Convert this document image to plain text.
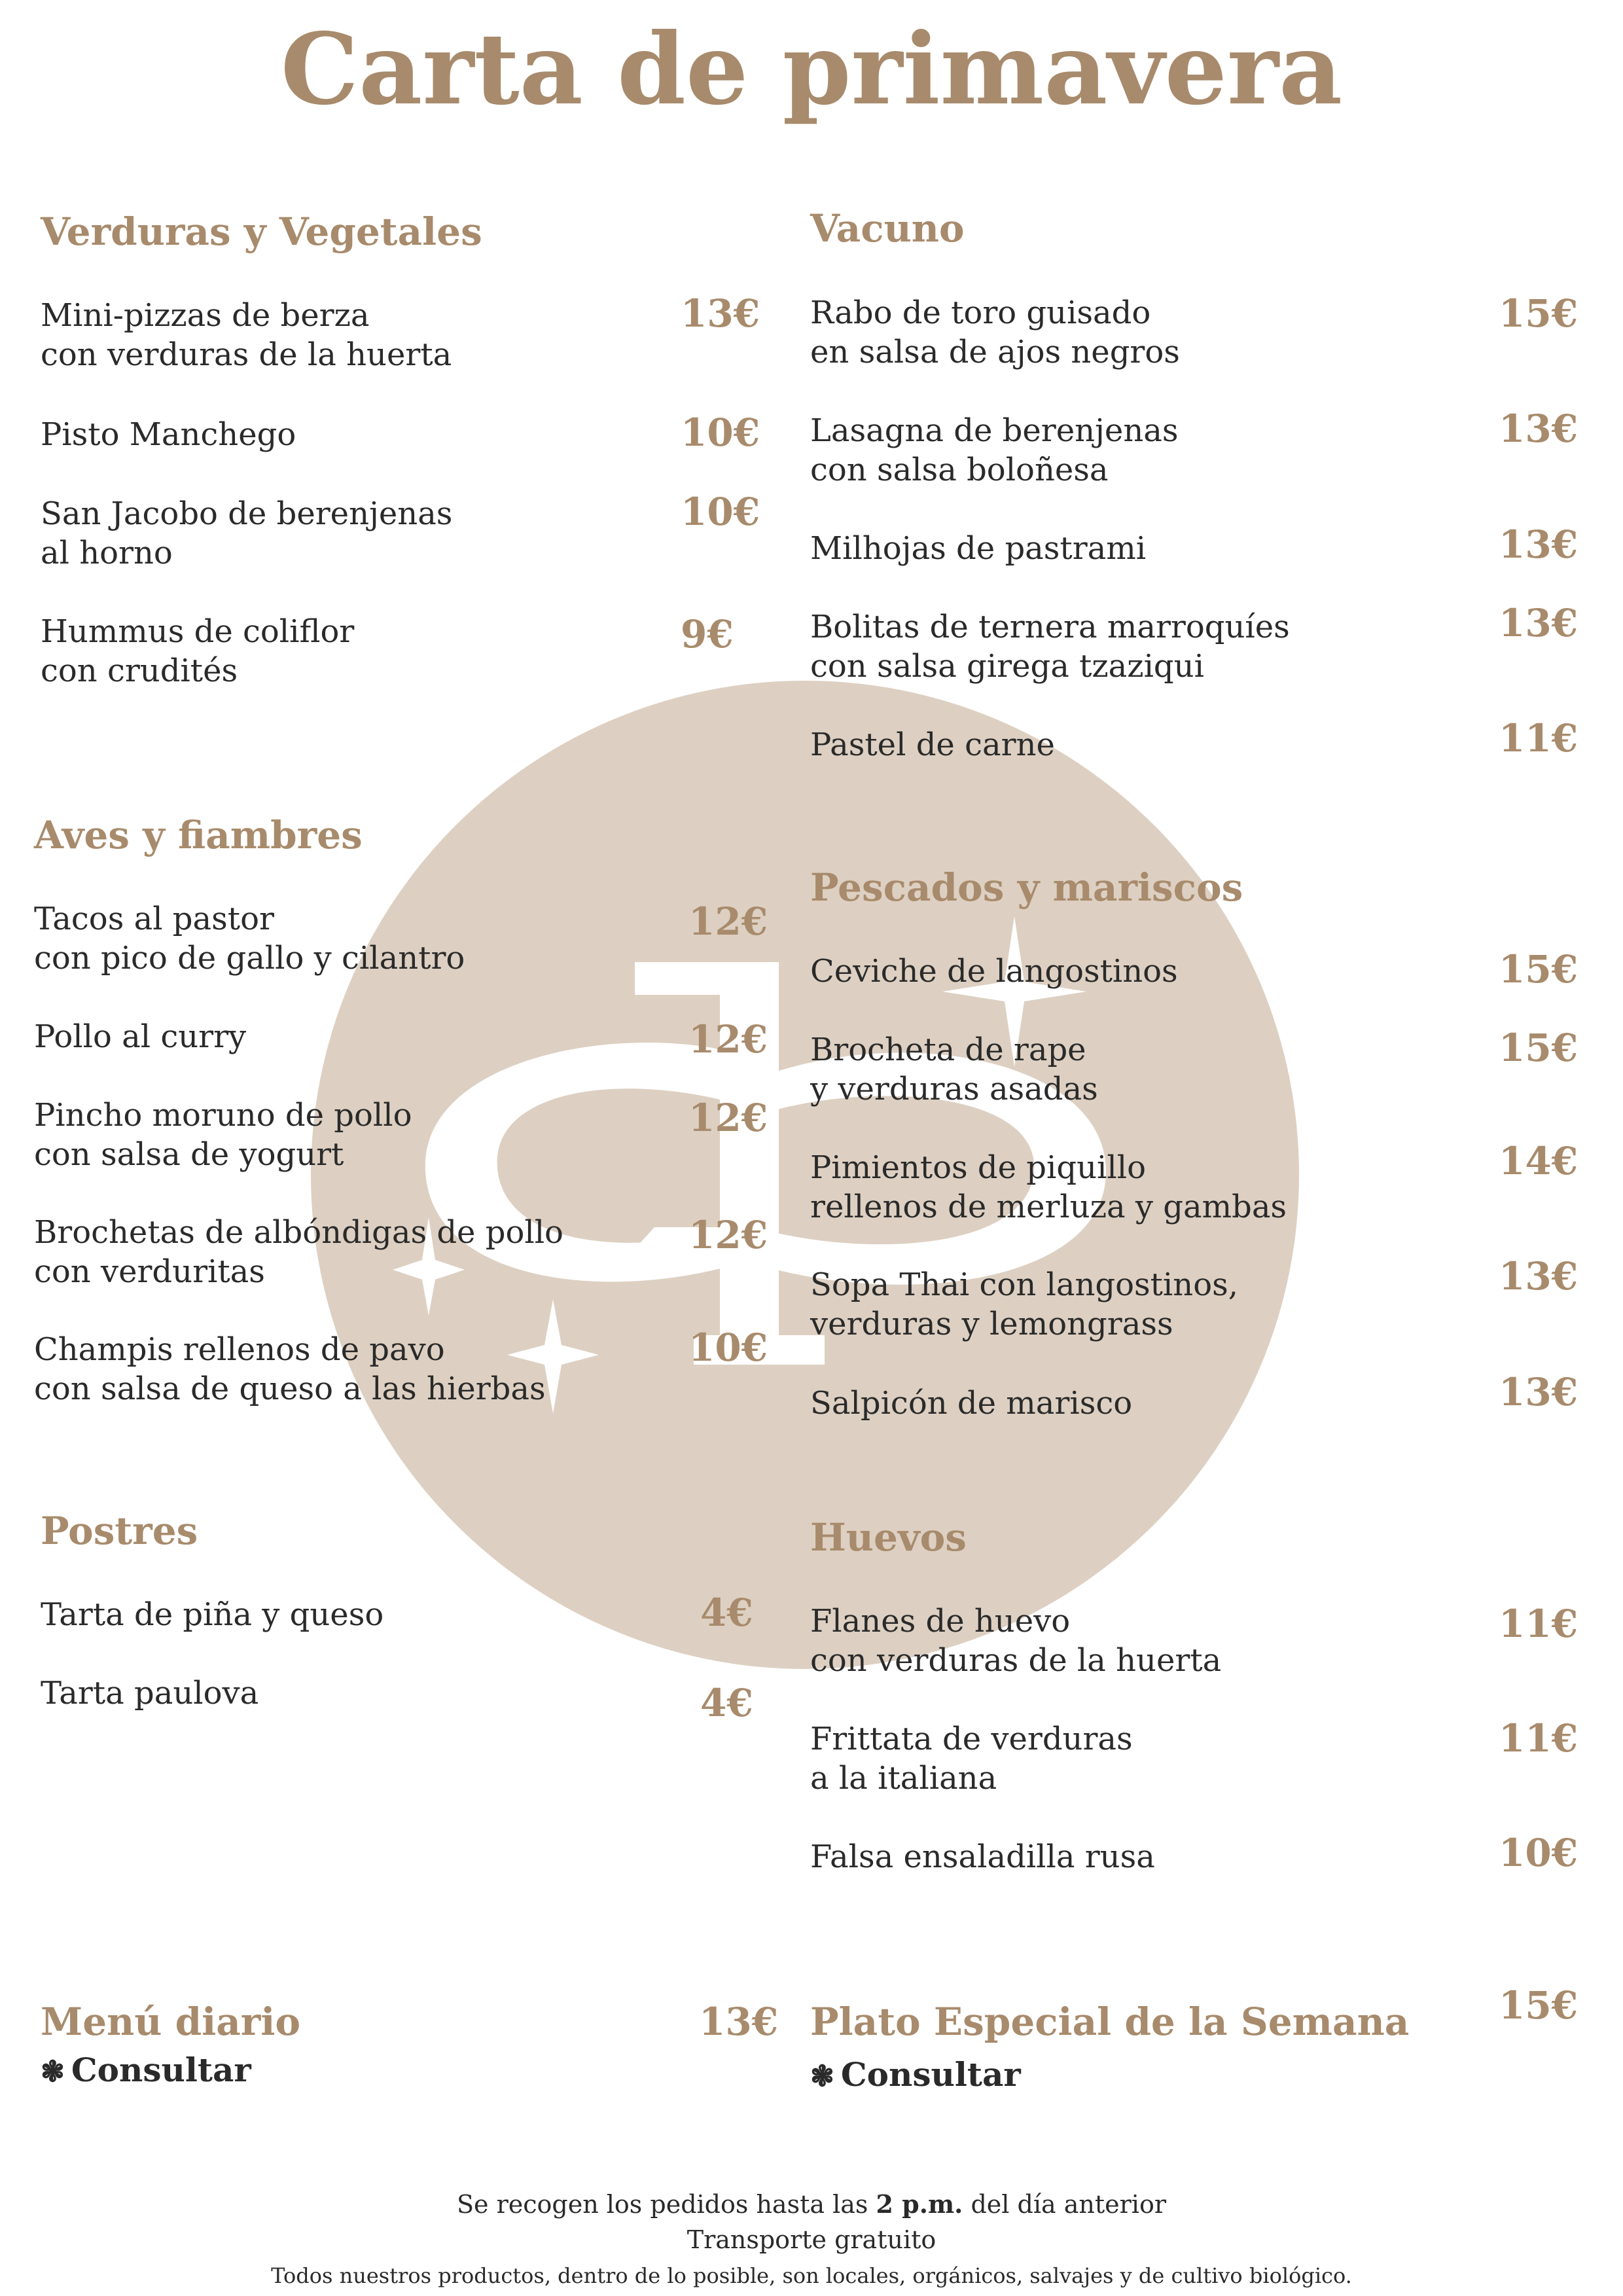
Carta de primavera
Verduras y Vegetales
Mini-pizzas de berza
con verduras de la huerta
13€
Pisto Manchego	10€
San Jacobo de berenjenas
al horno
10€
Hummus de coliflor
con crudités
9€
Aves y fiambres
Tacos al pastor
con pico de gallo y cilantro
12€
Pollo al curry	12€
Pincho moruno de pollo
con salsa de yogurt
12€
Brochetas de albóndigas de pollo
con verduritas
12€
Champis rellenos de pavo
con salsa de queso a las hierbas
10€
Postres
Tarta de piña y queso	4€
Tarta paulova	4€
Menú diario	13€
❃ Consultar
Vacuno
Rabo de toro guisado
en salsa de ajos negros
15€
Lasagna de berenjenas
con salsa boloñesa
13€
Milhojas de pastrami	13€
Bolitas de ternera marroquíes
con salsa girega tzaziqui
13€
Pastel de carne	11€
Pescados y mariscos
Ceviche de langostinos	15€
Brocheta de rape
y verduras asadas
15€
Pimientos de piquillo
rellenos de merluza y gambas
14€
Sopa Thai con langostinos,
verduras y lemongrass
13€
Salpicón de marisco	13€
Huevos
Flanes de huevo
con verduras de la huerta
11€
Frittata de verduras
a la italiana
11€
Falsa ensaladilla rusa	10€
Plato Especial de la Semana 15€
❃ Consultar
Se recogen los pedidos hasta las 2 p.m. del día anterior
Transporte gratuito
Todos nuestros productos, dentro de lo posible, son locales, orgánicos, salvajes y de cultivo biológico.
